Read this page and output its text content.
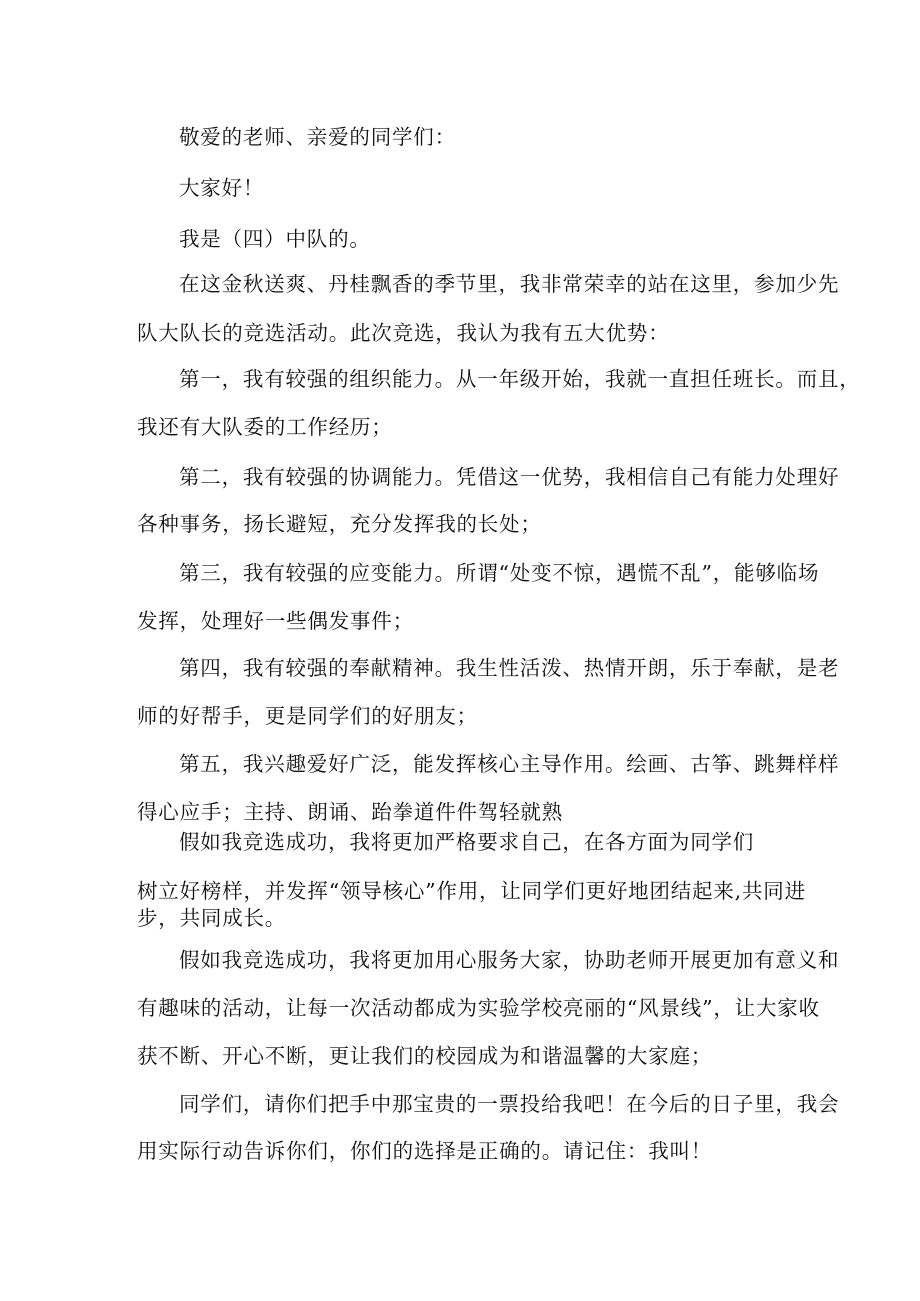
敬爱的老师、亲爱的同学们：
大家好！
我是（四）中队的。
在这金秋送爽、丹桂飘香的季节里，我非常荣幸的站在这里，参加少先
队大队长的竞选活动。此次竞选，我认为我有五大优势：
第一，我有较强的组织能力。从一年级开始，我就一直担任班长。而且，
我还有大队委的工作经历；
第二，我有较强的协调能力。凭借这一优势，我相信自己有能力处理好
各种事务，扬长避短，充分发挥我的长处；
第三，我有较强的应变能力。所谓“处变不惊，遇慌不乱”，能够临场
发挥，处理好一些偶发事件；
第四，我有较强的奉献精神。我生性活泼、热情开朗，乐于奉献，是老
师的好帮手，更是同学们的好朋友；
第五，我兴趣爱好广泛，能发挥核心主导作用。绘画、古筝、跳舞样样
得心应手；主持、朗诵、跆拳道件件驾轻就熟
假如我竞选成功，我将更加严格要求自己，在各方面为同学们
树立好榜样，并发挥“领导核心”作用，让同学们更好地团结起来,共同进
步，共同成长。
假如我竞选成功，我将更加用心服务大家，协助老师开展更加有意义和
有趣味的活动，让每一次活动都成为实验学校亮丽的“风景线”，让大家收
获不断、开心不断，更让我们的校园成为和谐温馨的大家庭；
同学们，请你们把手中那宝贵的一票投给我吧！在今后的日子里，我会
用实际行动告诉你们，你们的选择是正确的。请记住：我叫！
